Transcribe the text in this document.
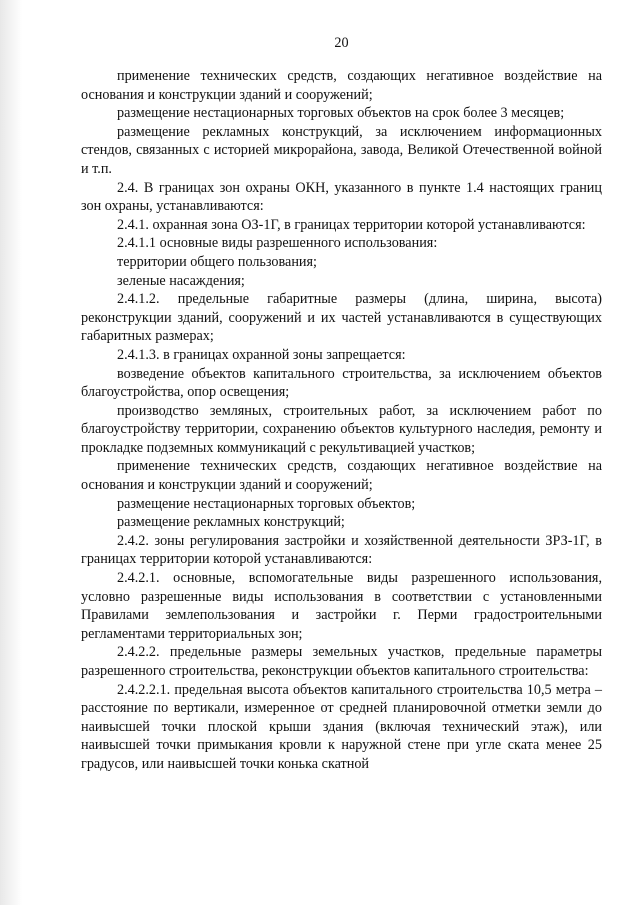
20

применение технических средств, создающих негативное воздействие на основания и конструкции зданий и сооружений;

размещение нестационарных торговых объектов на срок более 3 месяцев;

размещение рекламных конструкций, за исключением информационных стендов, связанных с историей микрорайона, завода, Великой Отечественной войной и т.п.

2.4. В границах зон охраны ОКН, указанного в пункте 1.4 настоящих границ зон охраны, устанавливаются:

2.4.1. охранная зона ОЗ-1Г, в границах территории которой устанавливаются:

2.4.1.1 основные виды разрешенного использования:

территории общего пользования;

зеленые насаждения;

2.4.1.2. предельные габаритные размеры (длина, ширина, высота) реконструкции зданий, сооружений и их частей устанавливаются в существующих габаритных размерах;

2.4.1.3. в границах охранной зоны запрещается:

возведение объектов капитального строительства, за исключением объектов благоустройства, опор освещения;

производство земляных, строительных работ, за исключением работ по благоустройству территории, сохранению объектов культурного наследия, ремонту и прокладке подземных коммуникаций с рекультивацией участков;

применение технических средств, создающих негативное воздействие на основания и конструкции зданий и сооружений;

размещение нестационарных торговых объектов;

размещение рекламных конструкций;

2.4.2. зоны регулирования застройки и хозяйственной деятельности ЗРЗ-1Г, в границах территории которой устанавливаются:

2.4.2.1. основные, вспомогательные виды разрешенного использования, условно разрешенные виды использования в соответствии с установленными Правилами землепользования и застройки г. Перми градостроительными регламентами территориальных зон;

2.4.2.2. предельные размеры земельных участков, предельные параметры разрешенного строительства, реконструкции объектов капитального строительства:

2.4.2.2.1. предельная высота объектов капитального строительства 10,5 метра – расстояние по вертикали, измеренное от средней планировочной отметки земли до наивысшей точки плоской крыши здания (включая технический этаж), или наивысшей точки примыкания кровли к наружной стене при угле ската менее 25 градусов, или наивысшей точки конька скатной
